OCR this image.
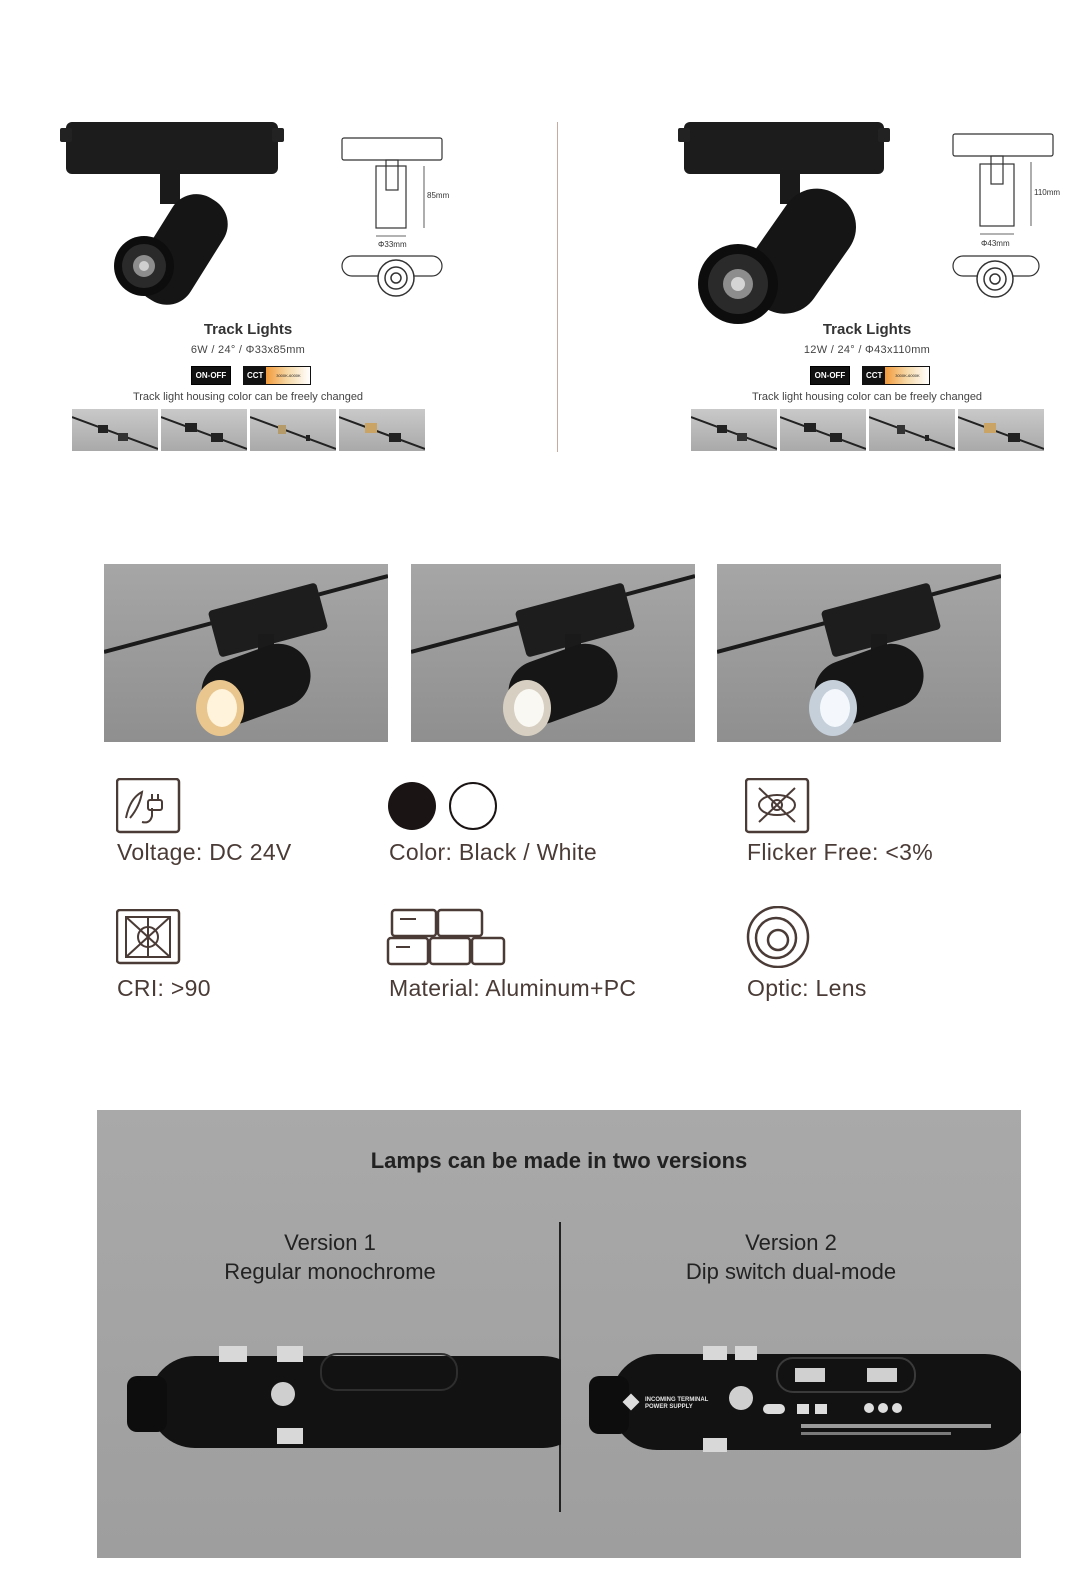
85mm
Φ33mm
Track Lights
6W / 24° / Φ33x85mm
ON-OFF	CCT	3000K-6000K
Track light housing color can be freely changed
110mm
Φ43mm
Track Lights
12W / 24° / Φ43x110mm
ON-OFF	CCT	3000K-6000K
Track light housing color can be freely changed
Voltage: DC 24V	Color: Black / White	Flicker Free: <3%
CRI: >90	Material: Aluminum+PC	Optic: Lens
Lamps can be made in two versions
Version 1
Regular monochrome
Version 2
Dip switch dual-mode
INCOMING TERMINAL
POWER SUPPLY
